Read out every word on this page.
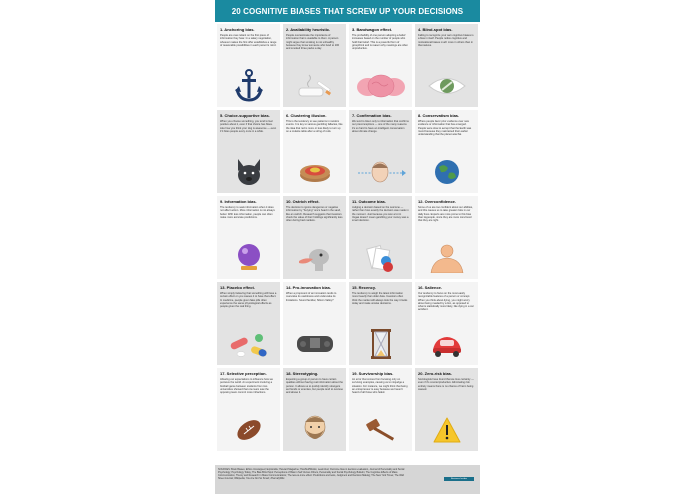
20 COGNITIVE BIASES THAT SCREW UP YOUR DECISIONS
1. Anchoring bias.

People are over-reliant on the first piece of information they hear. In a salary negotiation, whoever makes the first offer establishes a range of reasonable possibilities in each person's mind.

2. Availability heuristic.

People overestimate the importance of information that is available to them. A person might argue that smoking is not unhealthy because they know someone who lived to 100 and smoked three packs a day.

3. Bandwagon effect.

The probability of one person adopting a belief increases based on the number of people who hold that belief. This is a powerful form of groupthink and is reason why meetings are often unproductive.

4. Blind-spot bias.

Failing to recognize your own cognitive biases is a bias in itself. People notice cognitive and motivational biases much more in others than in themselves.

5. Choice-supportive bias.

When you choose something, you tend to feel positive about it, even if that choice has flaws. Like how you think your dog is awesome — even if it bites people every once in a while.

6. Clustering illusion.

This is the tendency to see patterns in random events. It is key to various gambling fallacies, like the idea that red is more or less likely to turn up on a roulette table after a string of reds.

7. Confirmation bias.

We tend to listen only to information that confirms our preconceptions — one of the many reasons it's so hard to have an intelligent conversation about climate change.

8. Conservatism bias.

Where people favor prior evidence over new evidence or information that has emerged. People were slow to accept that the Earth was round because they maintained their earlier understanding that the planet was flat.

9. Information bias.

The tendency to seek information when it does not affect action. More information is not always better. With less information, people can often make more accurate predictions.

10. Ostrich effect.

The decision to ignore dangerous or negative information by "burying" one's head in the sand, like an ostrich. Research suggests that investors check the value of their holdings significantly less often during bad markets.

11. Outcome bias.

Judging a decision based on the outcome — rather than how exactly the decision was made in the moment. Just because you won a lot in Vegas doesn't mean gambling your money was a smart decision.

12. Overconfidence.

Some of us are too confident about our abilities, and this causes us to take greater risks in our daily lives. Experts are more prone to this bias than laypeople, since they are more convinced that they are right.

13. Placebo effect.

When simply believing that something will have a certain effect on you causes it to have that effect. In medicine, people given fake pills often experience the same physiological effects as people given the real thing.

14. Pro-innovation bias.

When a proponent of an innovation tends to overvalue its usefulness and undervalue its limitations. Sound familiar, Silicon Valley?

15. Recency.

The tendency to weigh the latest information more heavily than older data. Investors often think the market will always look the way it looks today and make unwise decisions.

16. Salience.

Our tendency to focus on the most easily recognizable features of a person or concept. When you think about dying, you might worry about being mauled by a lion, as opposed to what is statistically more likely, like dying in a car accident.

17. Selective perception.

Allowing our expectations to influence how we perceive the world. An experiment involving a football game between students from two universities showed that one team saw the opposing team commit more infractions.

18. Stereotyping.

Expecting a group or person to have certain qualities without having real information about the person. It allows us to quickly identify strangers as friends or enemies, but people tend to overuse and abuse it.

19. Survivorship bias.

An error that comes from focusing only on surviving examples, causing us to misjudge a situation. For instance, we might think that being an entrepreneur is easy because we haven't heard of all those who failed.

20. Zero-risk bias.

Sociologists have found that we love certainty — even if it's counterproductive. Eliminating risk entirely means there is no chance of harm being caused.

SOURCES: Brain Biases; Ethics Unwrapped; Explorable; Harvard Magazine; HowStuffWorks; LearnVest; Outcome bias in decision evaluation, Journal of Personality and Social Psychology; Psychology Today; The Bias Blind Spot: Perceptions of Bias in Self Versus Others, Personality and Social Psychology Bulletin; The Cognitive Effects of Mass Communication, Theory and Research in Mass Communications; The less-is-more effect: Predictions and tests, Judgment and Decision Making; The New York Times; The Wall Street Journal; Wikipedia; You Are Not So Smart; ZhurnalyWiki	Business Insider
